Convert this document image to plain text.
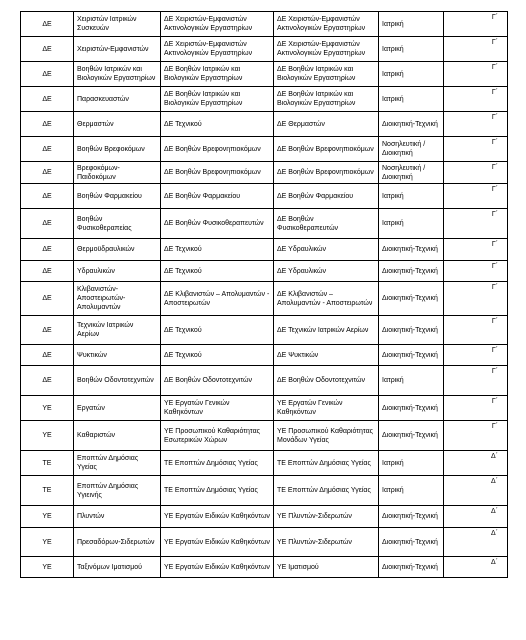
ΔΕ	Χειριστών Ιατρικών Συσκευών	ΔΕ Χειριστών-Εμφανιστών Ακτινολογικών Εργαστηρίων	ΔΕ Χειριστών-Εμφανιστών Ακτινολογικών Εργαστηρίων	Ιατρική	Γ΄
ΔΕ	Χειριστών-Εμφανιστών	ΔΕ Χειριστών-Εμφανιστών Ακτινολογικών Εργαστηρίων	ΔΕ Χειριστών-Εμφανιστών Ακτινολογικών Εργαστηρίων	Ιατρική	Γ΄
ΔΕ	Βοηθών Ιατρικών και Βιολογικών Εργαστηρίων	ΔΕ Βοηθών Ιατρικών και Βιολογικών Εργαστηρίων	ΔΕ Βοηθών Ιατρικών και Βιολογικών Εργαστηρίων	Ιατρική	Γ΄
ΔΕ	Παρασκευαστών	ΔΕ Βοηθών Ιατρικών και Βιολογικών Εργαστηρίων	ΔΕ Βοηθών Ιατρικών και Βιολογικών Εργαστηρίων	Ιατρική	Γ΄
ΔΕ	Θερμαστών	ΔΕ Τεχνικού	ΔΕ Θερμαστών	Διοικητική-Τεχνική	Γ΄
ΔΕ	Βοηθών Βρεφοκόμων	ΔΕ Βοηθών Βρεφονηπιοκόμων	ΔΕ Βοηθών Βρεφονηπιοκόμων	Νοσηλευτική / Διοικητική	Γ΄
ΔΕ	Βρεφοκόμων-Παιδοκόμων	ΔΕ Βοηθών Βρεφονηπιοκόμων	ΔΕ Βοηθών Βρεφονηπιοκόμων	Νοσηλευτική / Διοικητική	Γ΄
ΔΕ	Βοηθών Φαρμακείου	ΔΕ Βοηθών Φαρμακείου	ΔΕ Βοηθών Φαρμακείου	Ιατρική	Γ΄
ΔΕ	Βοηθών Φυσικοθεραπείας	ΔΕ Βοηθών Φυσικοθεραπευτών	ΔΕ Βοηθών Φυσικοθεραπευτών	Ιατρική	Γ΄
ΔΕ	Θερμοϋδραυλικών	ΔΕ Τεχνικού	ΔΕ Υδραυλικών	Διοικητική-Τεχνική	Γ΄
ΔΕ	Υδραυλικών	ΔΕ Τεχνικού	ΔΕ Υδραυλικών	Διοικητική-Τεχνική	Γ΄
ΔΕ	Κλιβανιστών-Αποστειρωτών-Απολυμαντών	ΔΕ Κλιβανιστών – Απολυμαντών - Αποστειρωτών	ΔΕ Κλιβανιστών – Απολυμαντών - Αποστειρωτών	Διοικητική-Τεχνική	Γ΄
ΔΕ	Τεχνικών Ιατρικών Αερίων	ΔΕ Τεχνικού	ΔΕ Τεχνικών Ιατρικών Αερίων	Διοικητική-Τεχνική	Γ΄
ΔΕ	Ψυκτικών	ΔΕ Τεχνικού	ΔΕ Ψυκτικών	Διοικητική-Τεχνική	Γ΄
ΔΕ	Βοηθών Οδοντοτεχνιτών	ΔΕ Βοηθών Οδοντοτεχνιτών	ΔΕ Βοηθών Οδοντοτεχνιτών	Ιατρική	Γ΄
ΥΕ	Εργατών	ΥΕ Εργατών Γενικών Καθηκόντων	ΥΕ Εργατών Γενικών Καθηκόντων	Διοικητική-Τεχνική	Γ΄
ΥΕ	Καθαριστών	ΥΕ Προσωπικού Καθαριότητας Εσωτερικών Χώρων	ΥΕ Προσωπικού Καθαριότητας Μονάδων Υγείας	Διοικητική-Τεχνική	Γ΄
ΤΕ	Επoπτών Δημόσιας Υγείας	ΤΕ Επoπτών Δημόσιας Υγείας	ΤΕ Επoπτών Δημόσιας Υγείας	Ιατρική	Δ΄
ΤΕ	Επoπτών Δημόσιας Υγιεινής	ΤΕ Επoπτών Δημόσιας Υγείας	ΤΕ Επoπτών Δημόσιας Υγείας	Ιατρική	Δ΄
ΥΕ	Πλυντών	ΥΕ Εργατών Ειδικών Καθηκόντων	ΥΕ Πλυντών-Σιδερωτών	Διοικητική-Τεχνική	Δ΄
ΥΕ	Πρεσαδόρων-Σιδερωτών	ΥΕ Εργατών Ειδικών Καθηκόντων	ΥΕ Πλυντών-Σιδερωτών	Διοικητική-Τεχνική	Δ΄
ΥΕ	Ταξινόμων Ιματισμού	ΥΕ Εργατών Ειδικών Καθηκόντων	ΥΕ Ιματισμού	Διοικητική-Τεχνική	Δ΄
